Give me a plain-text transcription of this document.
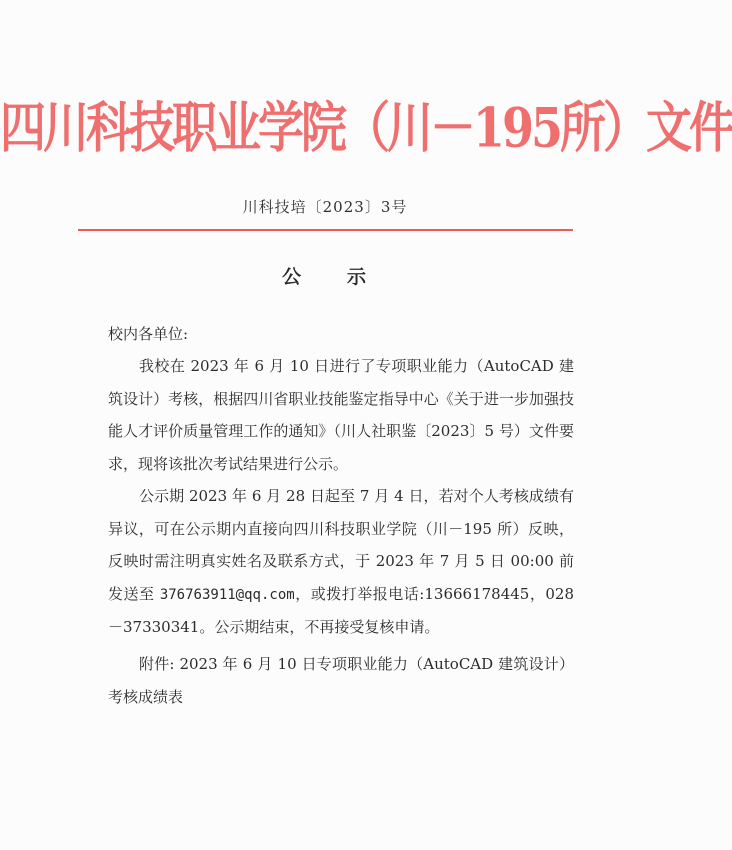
四川科技职业学院（川－195所）文件
川科技培〔2023〕3号
公 示
校内各单位:

我校在 2023 年 6 月 10 日进行了专项职业能力（AutoCAD 建筑设计）考核，根据四川省职业技能鉴定指导中心《关于进一步加强技能人才评价质量管理工作的通知》（川人社职鉴〔2023〕5 号）文件要求，现将该批次考试结果进行公示。

公示期 2023 年 6 月 28 日起至 7 月 4 日，若对个人考核成绩有异议，可在公示期内直接向四川科技职业学院（川－195 所）反映，反映时需注明真实姓名及联系方式，于 2023 年 7 月 5 日 00:00 前发送至 376763911@qq.com，或拨打举报电话:13666178445，028－37330341。公示期结束，不再接受复核申请。

附件: 2023 年 6 月 10 日专项职业能力（AutoCAD 建筑设计）考核成绩表
